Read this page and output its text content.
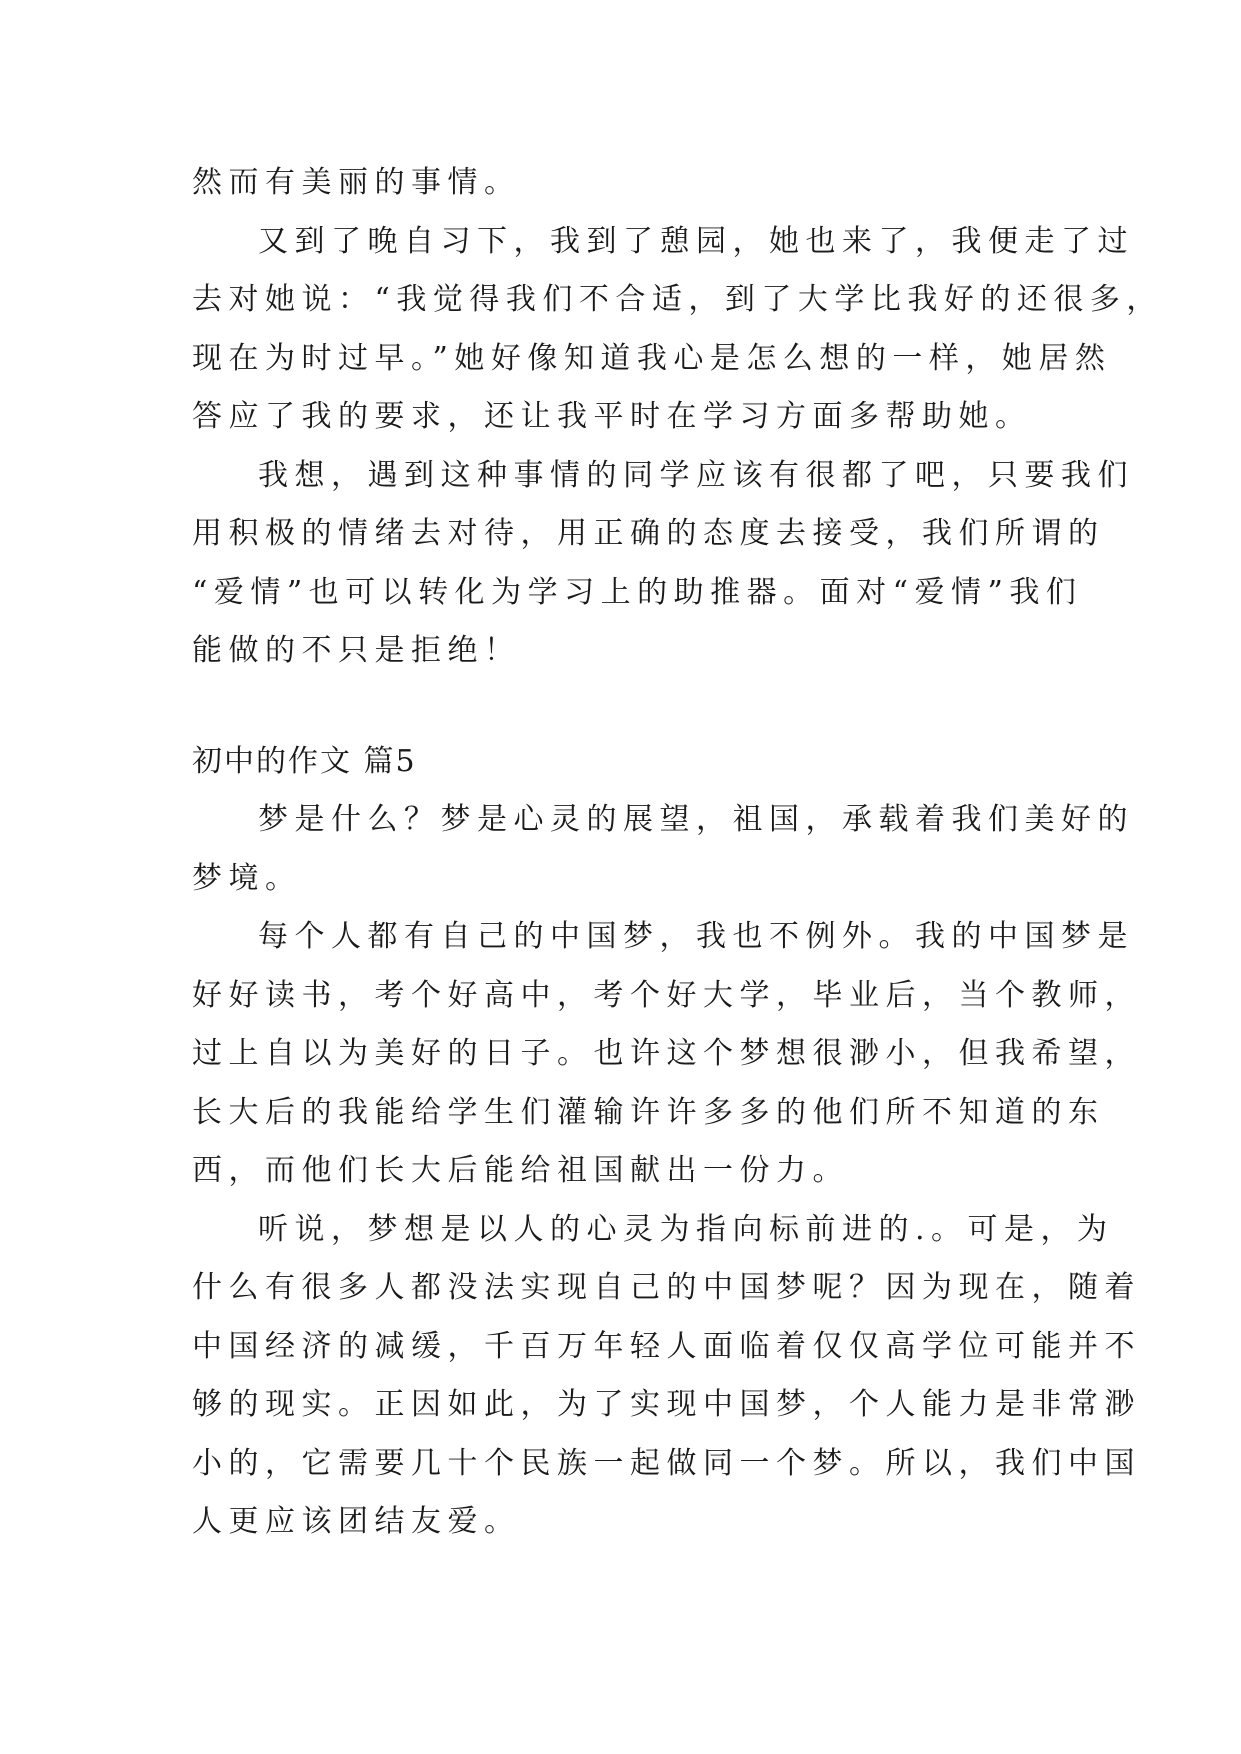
然而有美丽的事情。
又到了晚自习下，我到了憩园，她也来了，我便走了过
去对她说：“我觉得我们不合适，到了大学比我好的还很多，
现在为时过早。”她好像知道我心是怎么想的一样，她居然
答应了我的要求，还让我平时在学习方面多帮助她。
我想，遇到这种事情的同学应该有很都了吧，只要我们
用积极的情绪去对待，用正确的态度去接受，我们所谓的
“爱情”也可以转化为学习上的助推器。面对“爱情”我们
能做的不只是拒绝！
初中的作文 篇5
梦是什么？梦是心灵的展望，祖国，承载着我们美好的
梦境。
每个人都有自己的中国梦，我也不例外。我的中国梦是
好好读书，考个好高中，考个好大学，毕业后，当个教师，
过上自以为美好的日子。也许这个梦想很渺小，但我希望，
长大后的我能给学生们灌输许许多多的他们所不知道的东
西，而他们长大后能给祖国献出一份力。
听说，梦想是以人的心灵为指向标前进的.。可是，为
什么有很多人都没法实现自己的中国梦呢？因为现在，随着
中国经济的减缓，千百万年轻人面临着仅仅高学位可能并不
够的现实。正因如此，为了实现中国梦，个人能力是非常渺
小的，它需要几十个民族一起做同一个梦。所以，我们中国
人更应该团结友爱。
